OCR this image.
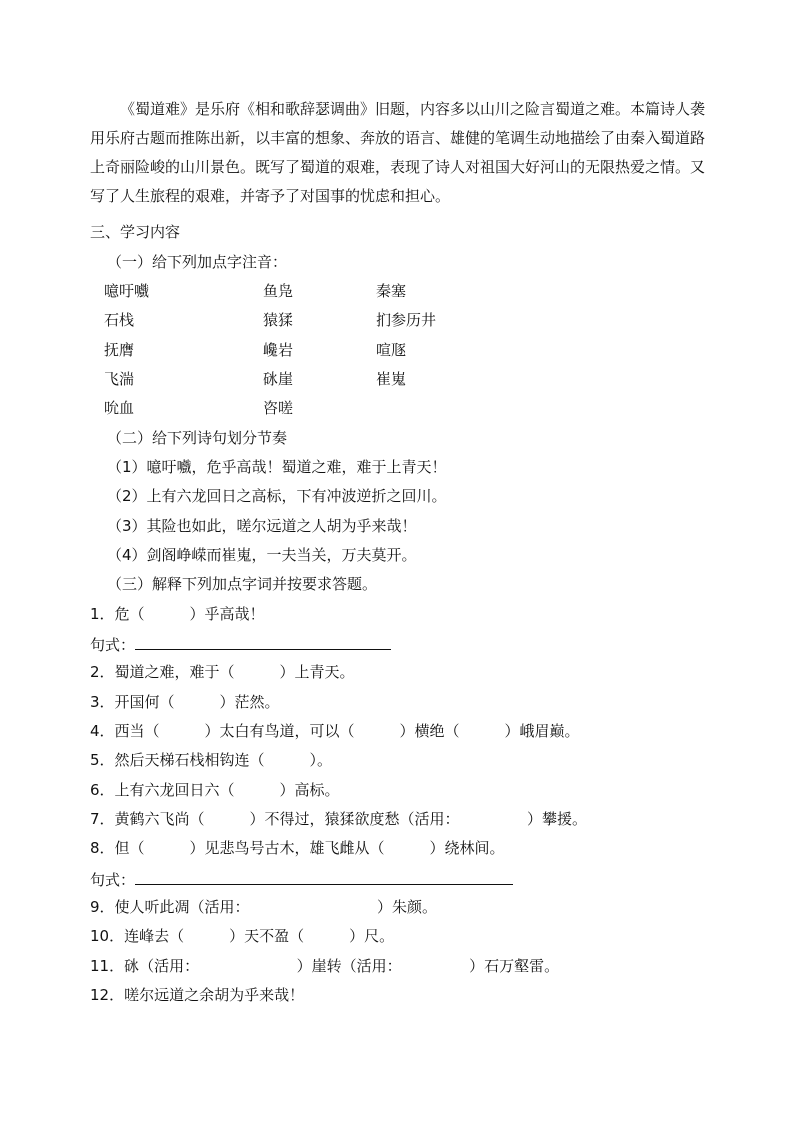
《蜀道难》是乐府《相和歌辞瑟调曲》旧题，内容多以山川之险言蜀道之难。本篇诗人袭用乐府古题而推陈出新，以丰富的想象、奔放的语言、雄健的笔调生动地描绘了由秦入蜀道路上奇丽险峻的山川景色。既写了蜀道的艰难，表现了诗人对祖国大好河山的无限热爱之情。又写了人生旅程的艰难，并寄予了对国事的忧虑和担心。

三、学习内容
（一）给下列加点字注音：
噫吁嚱	鱼凫	秦塞
石栈	猿猱	扪参历井
抚膺	巉岩	喧豗
飞湍	砯崖	崔嵬
吮血	咨嗟
（二）给下列诗句划分节奏
（1）噫吁嚱，危乎高哉！蜀道之难，难于上青天！
（2）上有六龙回日之高标，下有冲波逆折之回川。
（3）其险也如此，嗟尔远道之人胡为乎来哉！
（4）剑阁峥嵘而崔嵬，一夫当关，万夫莫开。
（三）解释下列加点字词并按要求答题。
1．危（　　　）乎高哉！
句式：
2．蜀道之难，难于（　　　）上青天。
3．开国何（　　　）茫然。
4．西当（　　　）太白有鸟道，可以（　　　）横绝（　　　）峨眉巅。
5．然后天梯石栈相钩连（　　　）。
6．上有六龙回日六（　　　）高标。
7．黄鹤六飞尚（　　　）不得过，猿猱欲度愁（活用：　　　　　）攀援。
8．但（　　　）见悲鸟号古木，雄飞雌从（　　　）绕林间。
句式：
9．使人听此凋（活用：　　　　　　　　　）朱颜。
10．连峰去（　　　）天不盈（　　　）尺。
11．砯（活用：　　　　　　　）崖转（活用：　　　　　）石万壑雷。
12．嗟尔远道之余胡为乎来哉！
